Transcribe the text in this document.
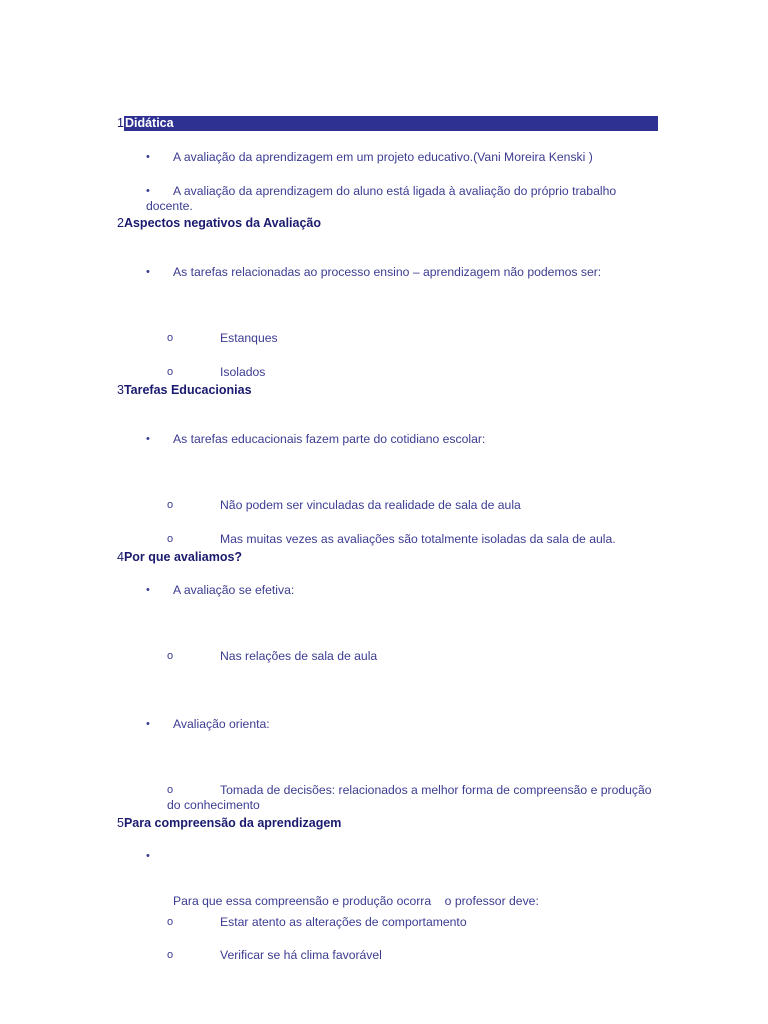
1Didática
•	A avaliação da aprendizagem em um projeto educativo.(Vani Moreira Kenski )
•	A avaliação da aprendizagem do aluno está ligada à avaliação do próprio trabalho docente.
2Aspectos negativos da Avaliação
•	As tarefas relacionadas ao processo ensino – aprendizagem não podemos ser:
o	Estanques
o	Isolados
3Tarefas Educacionias
•	As tarefas educacionais fazem parte do cotidiano escolar:
o	Não podem ser vinculadas da realidade de sala de aula
o	Mas muitas vezes as avaliações são totalmente isoladas da sala de aula.
4Por que avaliamos?
•	A avaliação se efetiva:
o	Nas relações de sala de aula
•	Avaliação orienta:
o	Tomada de decisões: relacionados a melhor forma de compreensão e produção do conhecimento
5Para compreensão da aprendizagem

•

Para que essa compreensão e produção ocorra    o professor deve:

o	Estar atento as alterações de comportamento
o	Verificar se há clima favorável
